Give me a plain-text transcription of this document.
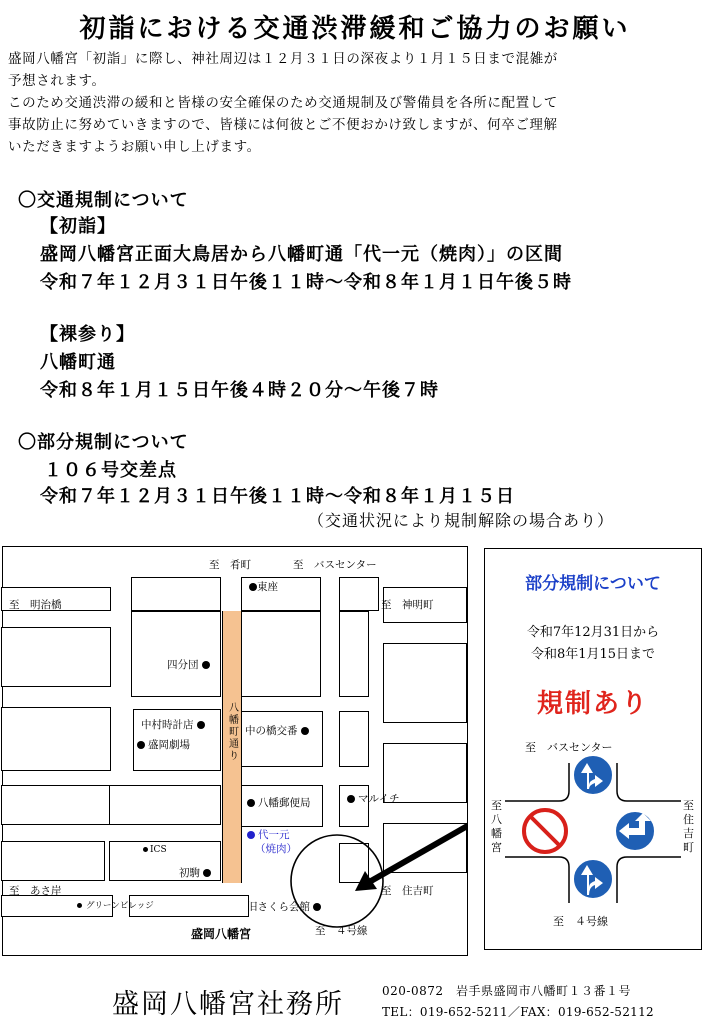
初詣における交通渋滞緩和ご協力のお願い
盛岡八幡宮「初詣」に際し、神社周辺は１２月３１日の深夜より１月１５日まで混雑が
予想されます。
このため交通渋滞の緩和と皆様の安全確保のため交通規制及び警備員を各所に配置して
事故防止に努めていきますので、皆様には何彼とご不便おかけ致しますが、何卒ご理解
いただきますようお願い申し上げます。
〇交通規制について
【初詣】
盛岡八幡宮正面大鳥居から八幡町通「代一元（焼肉）」の区間
令和７年１２月３１日午後１１時～令和８年１月１日午後５時
【裸参り】
八幡町通
令和８年１月１５日午後４時２０分～午後７時
〇部分規制について
１０６号交差点
令和７年１２月３１日午後１１時～令和８年１月１５日
（交通状況により規制解除の場合あり）
八幡町通り
至　肴町	至　バスセンター
至　明治橋	至　神明町
至　あさ岸	至　住吉町
至　４号線
東座
四分団
中村時計店
盛岡劇場
中の橋交番
八幡郵便局	マルイチ
ICS
初駒
代一元
（焼肉）
旧さくら会館
グリーンビレッジ
盛岡八幡宮
部分規制について
令和7年12月31日から
令和8年1月15日まで
規制あり
至　バスセンター
至　４号線
至八幡宮
至住吉町
盛岡八幡宮社務所	020-0872　岩手県盛岡市八幡町１３番１号
TEL：019-652-5211／FAX：019-652-52112
